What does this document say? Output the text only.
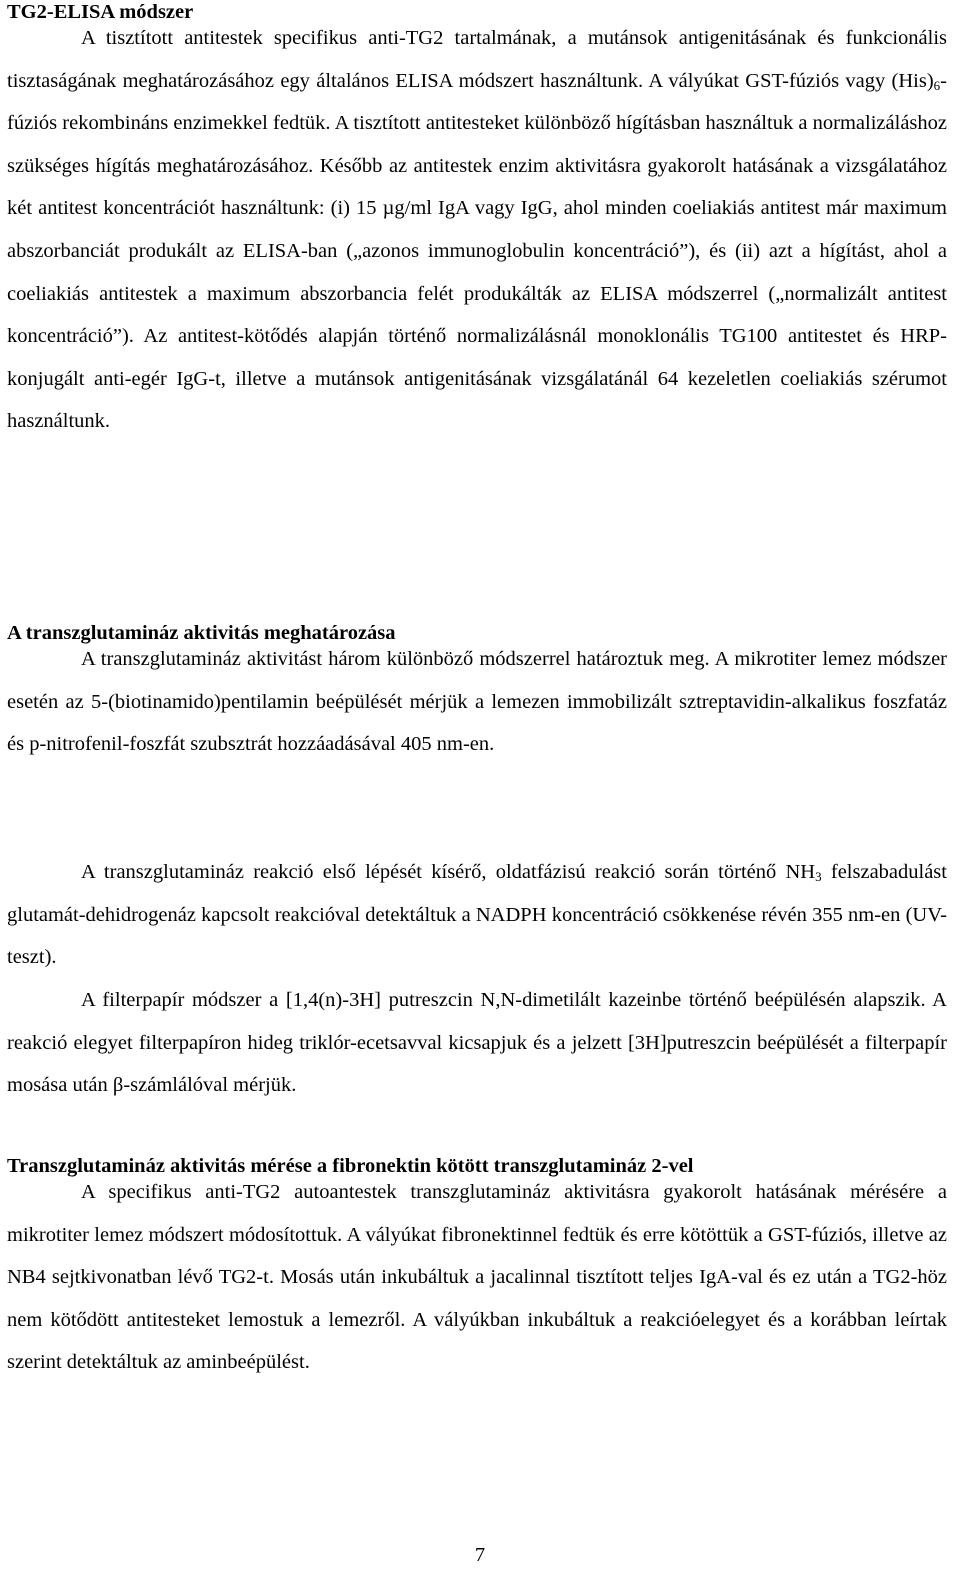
TG2-ELISA módszer

A tisztított antitestek specifikus anti-TG2 tartalmának, a mutánsok antigenitásának és funkcionális tisztaságának meghatározásához egy általános ELISA módszert használtunk. A vályúkat GST-fúziós vagy $(His)_6$-fúziós rekombináns enzimekkel fedtük. A tisztított antitesteket különböző hígításban használtuk a normalizáláshoz szükséges hígítás meghatározásához. Később az antitestek enzim aktivitásra gyakorolt hatásának a vizsgálatához két antitest koncentrációt használtunk: (i) 15 µg/ml IgA vagy IgG, ahol minden coeliakiás antitest már maximum abszorbanciát produkált az ELISA-ban („azonos immunoglobulin koncentráció”), és (ii) azt a hígítást, ahol a coeliakiás antitestek a maximum abszorbancia felét produkálták az ELISA módszerrel („normalizált antitest koncentráció”). Az antitest-kötődés alapján történő normalizálásnál monoklonális TG100 antitestet és HRP-konjugált anti-egér IgG-t, illetve a mutánsok antigenitásának vizsgálatánál 64 kezeletlen coeliakiás szérumot használtunk.

A transzglutamináz aktivitás meghatározása

A transzglutamináz aktivitást három különböző módszerrel határoztuk meg. A mikrotiter lemez módszer esetén az 5-(biotinamido)pentilamin beépülését mérjük a lemezen immobilizált sztreptavidin-alkalikus foszfatáz és p-nitrofenil-foszfát szubsztrát hozzáadásával 405 nm-en.

A transzglutamináz reakció első lépését kísérő, oldatfázisú reakció során történő $NH_3$ felszabadulást glutamát-dehidrogenáz kapcsolt reakcióval detektáltuk a NADPH koncentráció csökkenése révén 355 nm-en (UV-teszt).

A filterpapír módszer a [1,4(n)-3H] putreszcin N,N-dimetilált kazeinbe történő beépülésén alapszik. A reakció elegyet filterpapíron hideg triklór-ecetsavval kicsapjuk és a jelzett [3H]putreszcin beépülését a filterpapír mosása után β-számlálóval mérjük.

Transzglutamináz aktivitás mérése a fibronektin kötött transzglutamináz 2-vel

A specifikus anti-TG2 autoantestek transzglutamináz aktivitásra gyakorolt hatásának mérésére a mikrotiter lemez módszert módosítottuk. A vályúkat fibronektinnel fedtük és erre kötöttük a GST-fúziós, illetve az NB4 sejtkivonatban lévő TG2-t. Mosás után inkubáltuk a jacalinnal tisztított teljes IgA-val és ez után a TG2-höz nem kötődött antitesteket lemostuk a lemezről. A vályúkban inkubáltuk a reakcióelegyet és a korábban leírtak szerint detektáltuk az aminbeépülést.

7
